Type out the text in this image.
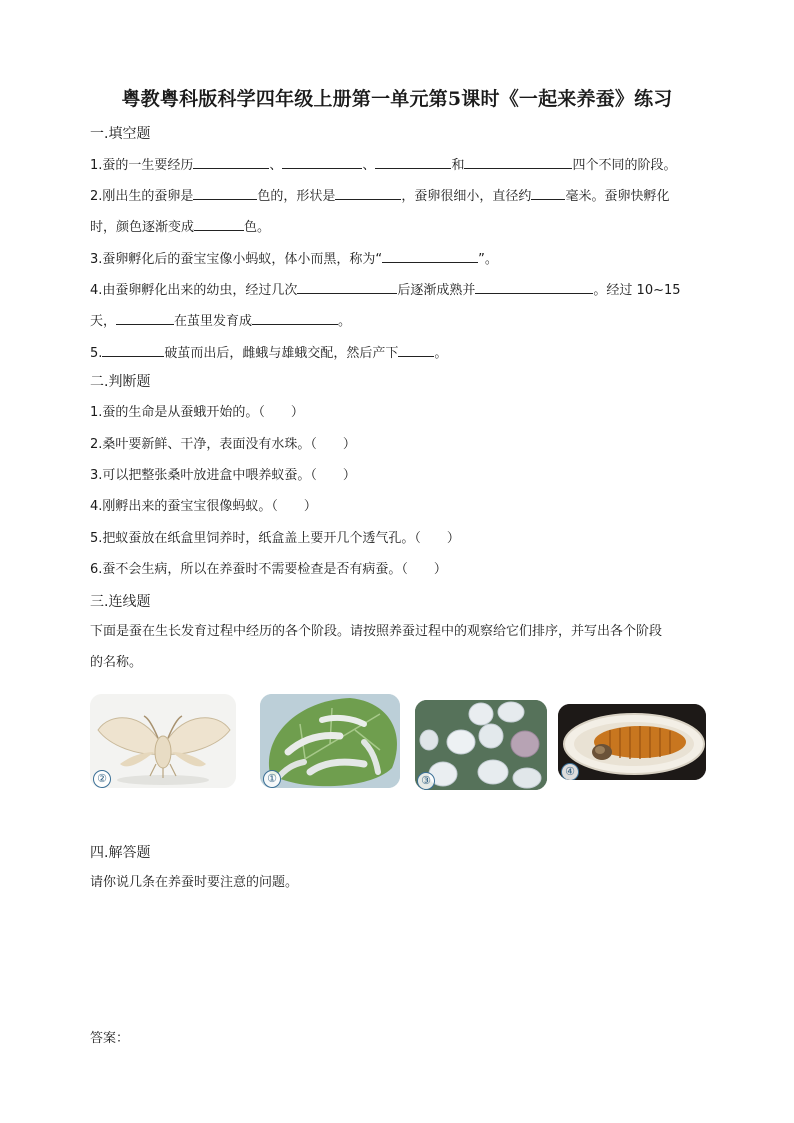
粤教粤科版科学四年级上册第一单元第5课时《一起来养蚕》练习
一.填空题
1.蚕的一生要经历	、	、	和	四个不同的阶段。
2.刚出生的蚕卵是	色的，形状是	，蚕卵很细小，直径约	毫米。蚕卵快孵化
时，颜色逐渐变成	色。
3.蚕卵孵化后的蚕宝宝像小蚂蚁，体小而黑，称为“	”。
4.由蚕卵孵化出来的幼虫，经过几次	后逐渐成熟并	。经过 10~15
天，	在茧里发育成	。
5.	破茧而出后，雌蛾与雄蛾交配，然后产下	。
二.判断题
1.蚕的生命是从蚕蛾开始的。（　　）
2.桑叶要新鲜、干净，表面没有水珠。（　　）
3.可以把整张桑叶放进盒中喂养蚁蚕。（　　）
4.刚孵出来的蚕宝宝很像蚂蚁。（　　）
5.把蚁蚕放在纸盒里饲养时，纸盒盖上要开几个透气孔。（　　）
6.蚕不会生病，所以在养蚕时不需要检查是否有病蚕。（　　）
三.连线题
下面是蚕在生长发育过程中经历的各个阶段。请按照养蚕过程中的观察给它们排序，并写出各个阶段
的名称。
②	①	③
④
四.解答题
请你说几条在养蚕时要注意的问题。
答案：
